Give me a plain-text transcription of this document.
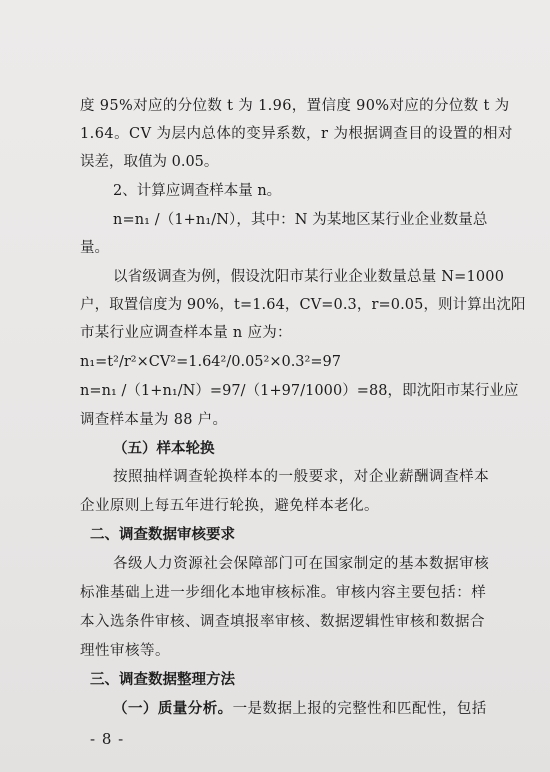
度 95%对应的分位数 t 为 1.96，置信度 90%对应的分位数 t 为
1.64。CV 为层内总体的变异系数，r 为根据调查目的设置的相对
误差，取值为 0.05。
2、计算应调查样本量 n。
n=n₁ /（1+n₁/N），其中：N 为某地区某行业企业数量总
量。
以省级调查为例，假设沈阳市某行业企业数量总量 N=1000
户，取置信度为 90%，t=1.64，CV=0.3，r=0.05，则计算出沈阳
市某行业应调查样本量 n 应为：
n₁=t²/r²×CV²=1.64²/0.05²×0.3²=97
n=n₁ /（1+n₁/N）=97/（1+97/1000）=88，即沈阳市某行业应
调查样本量为 88 户。
（五）样本轮换
按照抽样调查轮换样本的一般要求，对企业薪酬调查样本
企业原则上每五年进行轮换，避免样本老化。
二、调查数据审核要求
各级人力资源社会保障部门可在国家制定的基本数据审核
标准基础上进一步细化本地审核标准。审核内容主要包括：样
本入选条件审核、调查填报率审核、数据逻辑性审核和数据合
理性审核等。
三、调查数据整理方法
（一）质量分析。一是数据上报的完整性和匹配性，包括
- 8 -
